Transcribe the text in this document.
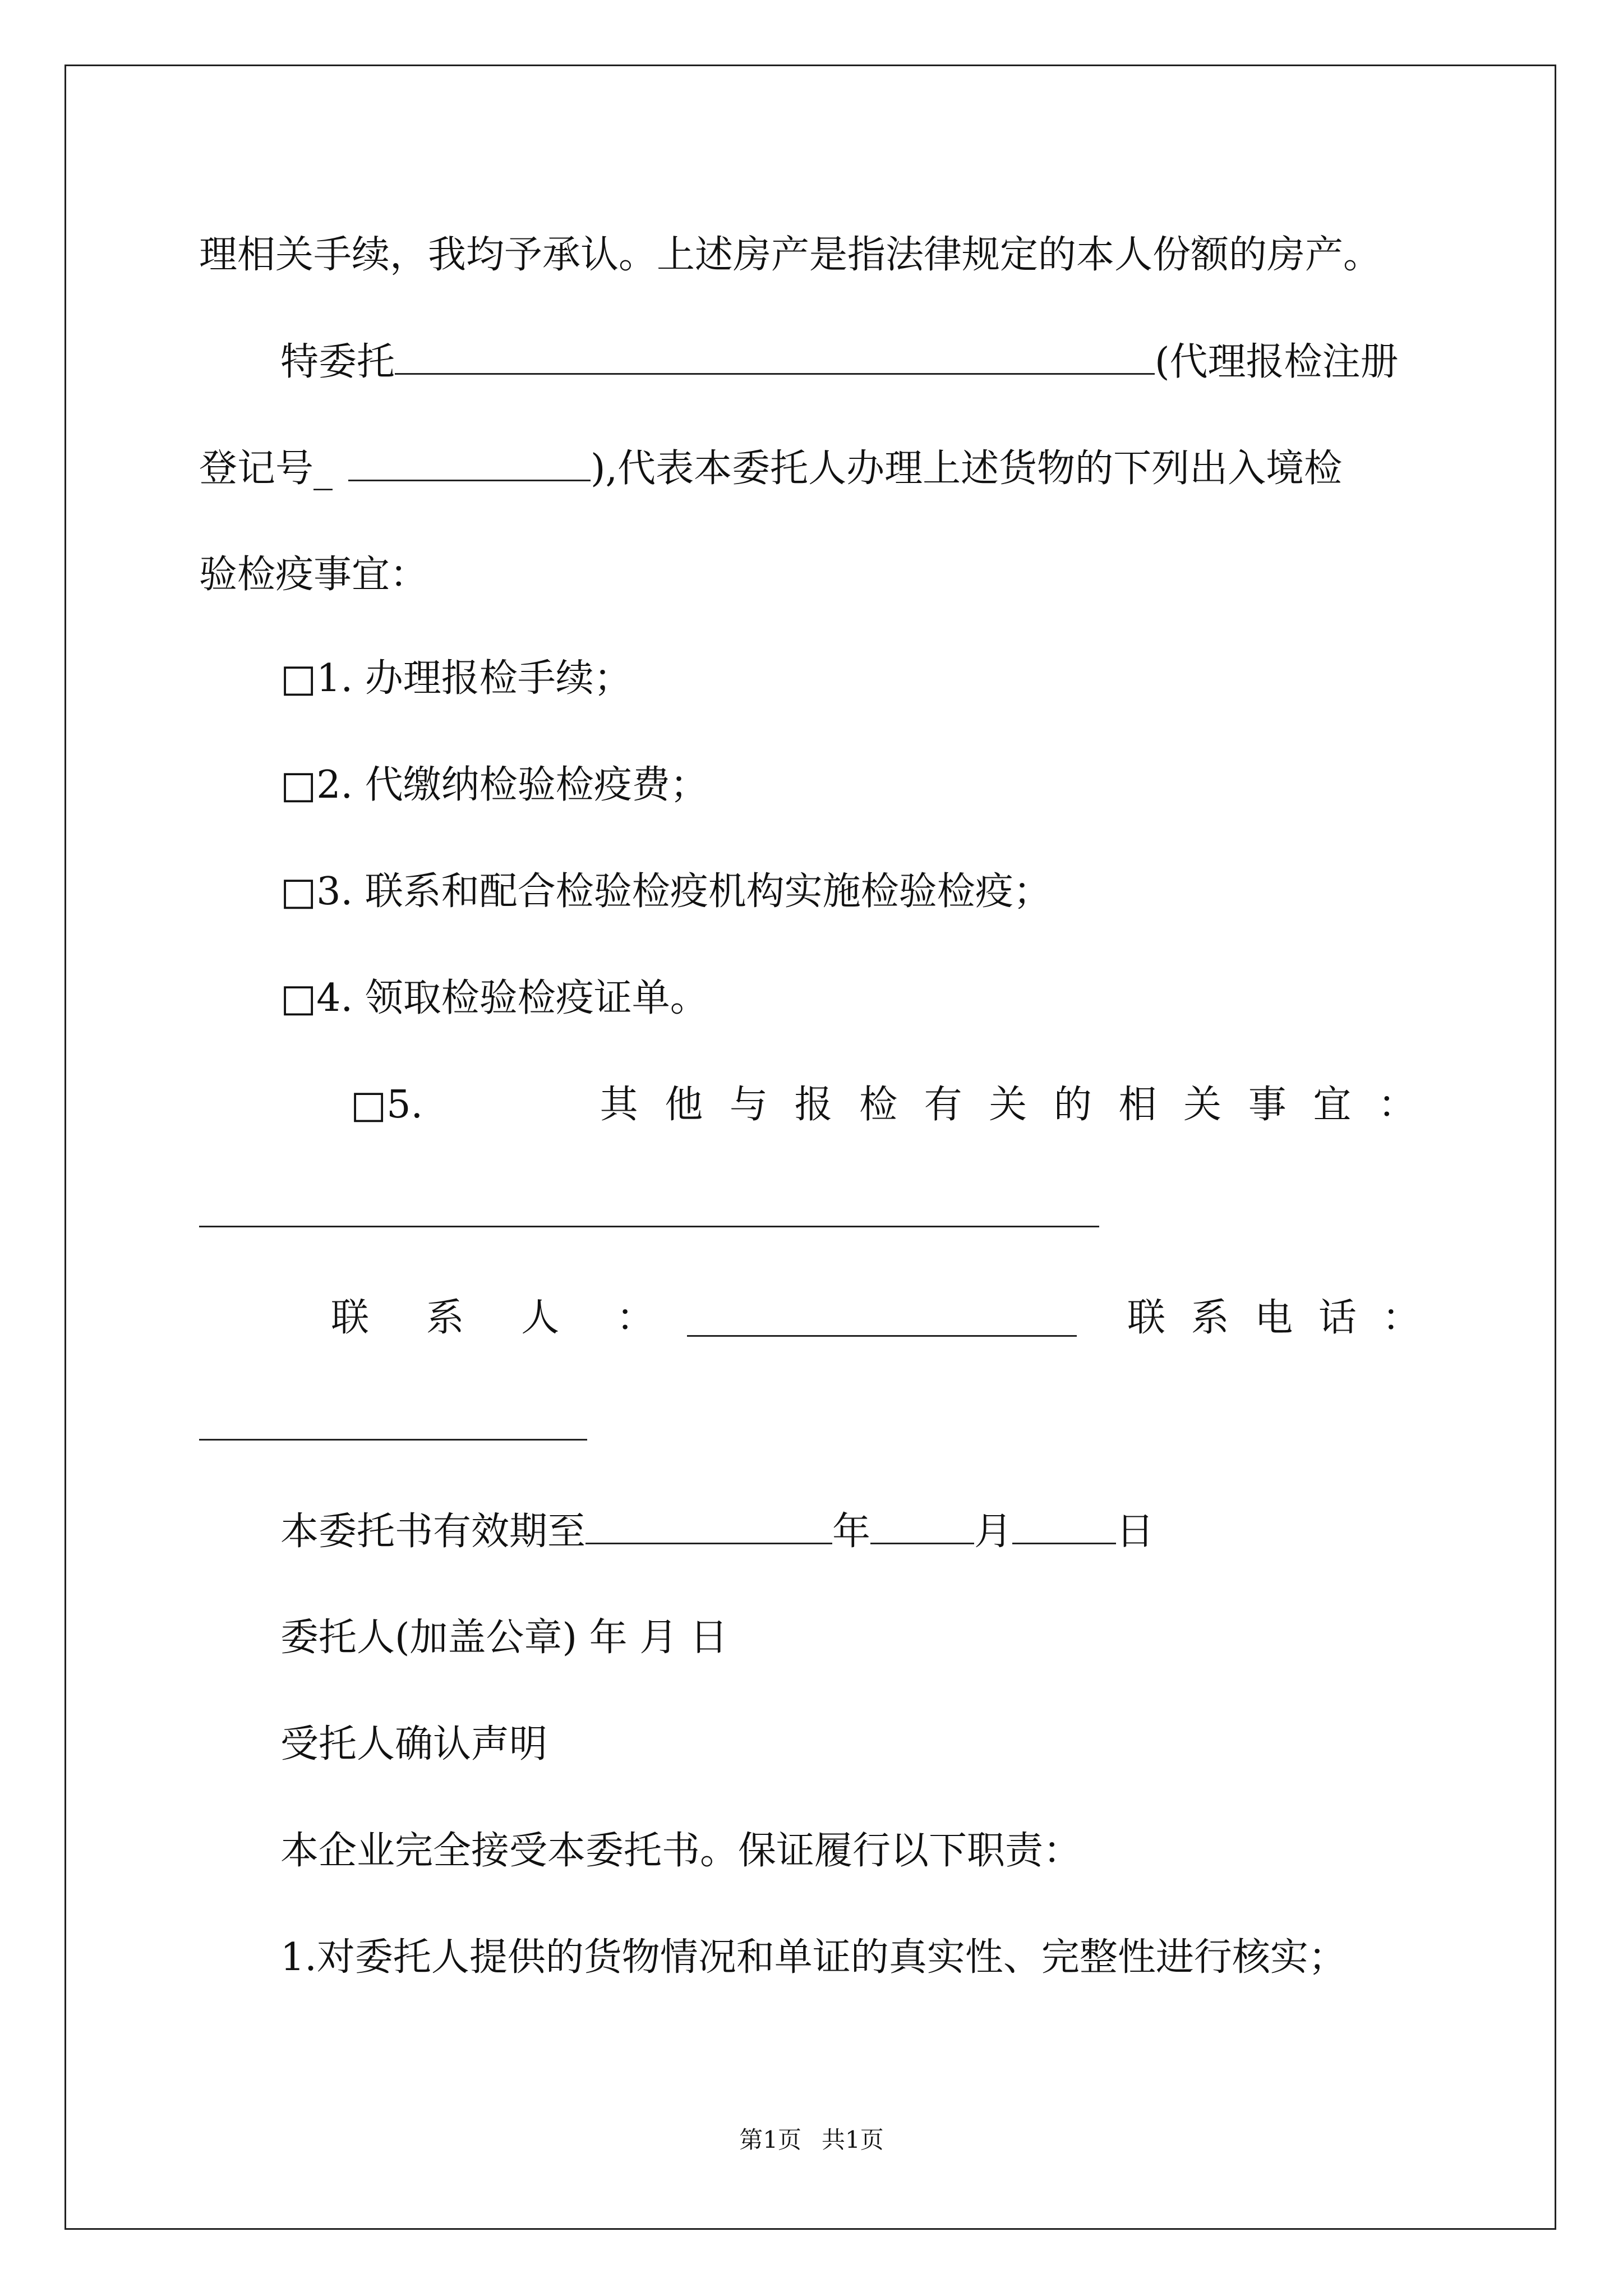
理相关手续，我均予承认。上述房产是指法律规定的本人份额的房产。
特委托	(代理报检注册
登记号_	),代表本委托人办理上述货物的下列出入境检
验检疫事宜：
□1. 办理报检手续；
□2. 代缴纳检验检疫费；
□3. 联系和配合检验检疫机构实施检验检疫；
□4. 领取检验检疫证单。
□5.	其 他 与 报 检 有 关 的 相 关 事 宜 ：
联 系 人 ：	联 系 电 话 ：
本委托书有效期至	年	月	日
委托人(加盖公章) 年 月 日
受托人确认声明
本企业完全接受本委托书。保证履行以下职责：
1.对委托人提供的货物情况和单证的真实性、完整性进行核实；
第1页 共1页
